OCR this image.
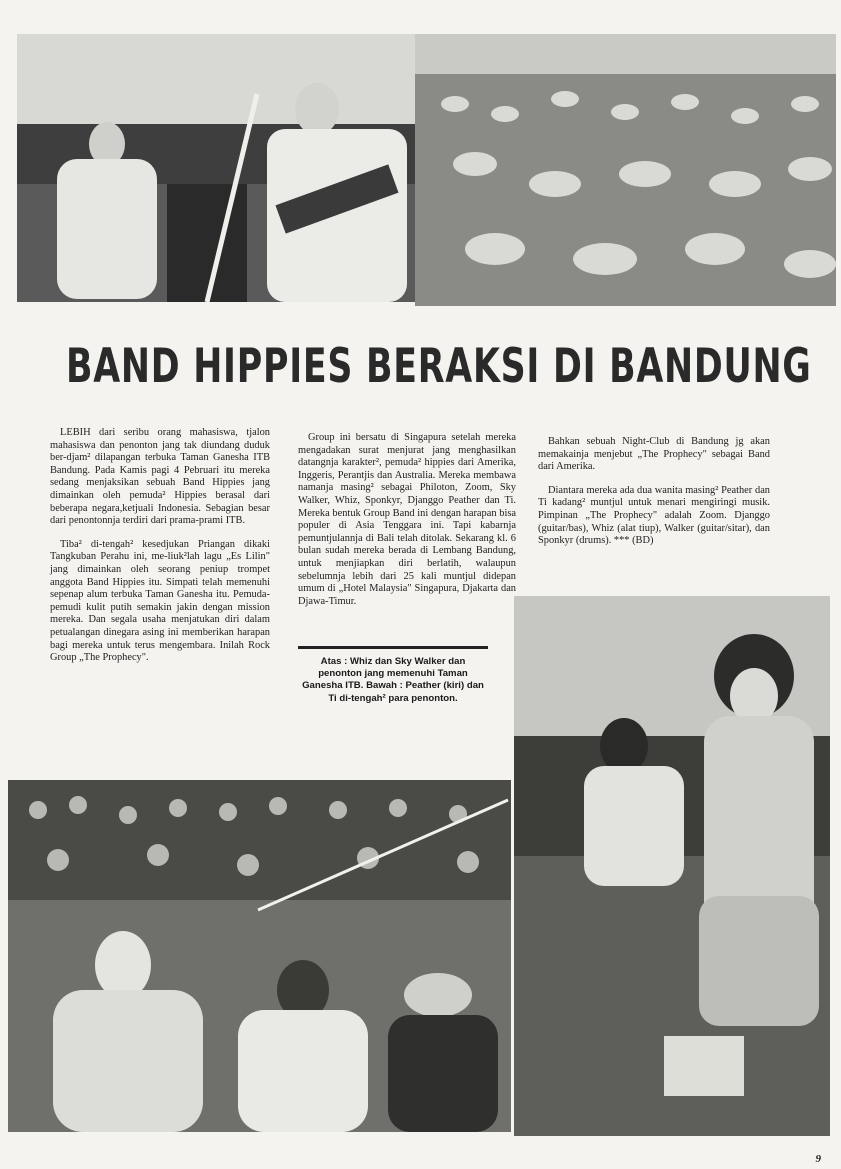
BAND HIPPIES BERAKSI DI BANDUNG

LEBIH dari seribu orang mahasiswa, tjalon mahasiswa dan penonton jang tak diundang duduk ber-djam² dilapangan terbuka Taman Ganesha ITB Bandung. Pada Kamis pagi 4 Pebruari itu mereka sedang menjaksikan sebuah Band Hippies jang dimainkan oleh pemuda² Hippies berasal dari beberapa negara,ketjuali Indonesia. Sebagian besar dari penontonnja terdiri dari prama-prami ITB.

Tiba² di-tengah² kesedjukan Priangan dikaki Tangkuban Perahu ini, me-liuk²lah lagu „Es Lilin" jang dimainkan oleh seorang peniup trompet anggota Band Hippies itu. Simpati telah memenuhi sepenap alum terbuka Taman Ganesha itu. Pemuda-pemudi kulit putih semakin jakin dengan mission mereka. Dan segala usaha menjatukan diri dalam petualangan dinegara asing ini memberikan harapan bagi mereka untuk terus mengembara. Inilah Rock Group „The Prophecy".

Group ini bersatu di Singapura setelah mereka mengadakan surat menjurat jang menghasilkan datangnja karakter², pemuda² hippies dari Amerika, Inggeris, Perantjis dan Australia. Mereka membawa namanja masing² sebagai Philoton, Zoom, Sky Walker, Whiz, Sponkyr, Djanggo Peather dan Ti. Mereka bentuk Group Band ini dengan harapan bisa populer di Asia Tenggara ini. Tapi kabarnja pemuntjulannja di Bali telah ditolak. Sekarang kl. 6 bulan sudah mereka berada di Lembang Bandung, untuk menjiapkan diri berlatih, walaupun sebelumnja lebih dari 25 kali muntjul didepan umum di „Hotel Malaysia" Singapura, Djakarta dan Djawa-Timur.

Atas : Whiz dan Sky Walker dan penonton jang memenuhi Taman Ganesha ITB. Bawah : Peather (kiri) dan Ti di-tengah² para penonton.

Bahkan sebuah Night-Club di Bandung jg akan memakainja menjebut „The Prophecy" sebagai Band dari Amerika.

Diantara mereka ada dua wanita masing² Peather dan Ti kadang² muntjul untuk menari mengiringi musik. Pimpinan „The Prophecy" adalah Zoom. Djanggo (guitar/bas), Whiz (alat tiup), Walker (guitar/sitar), dan Sponkyr (drums). *** (BD)

9
